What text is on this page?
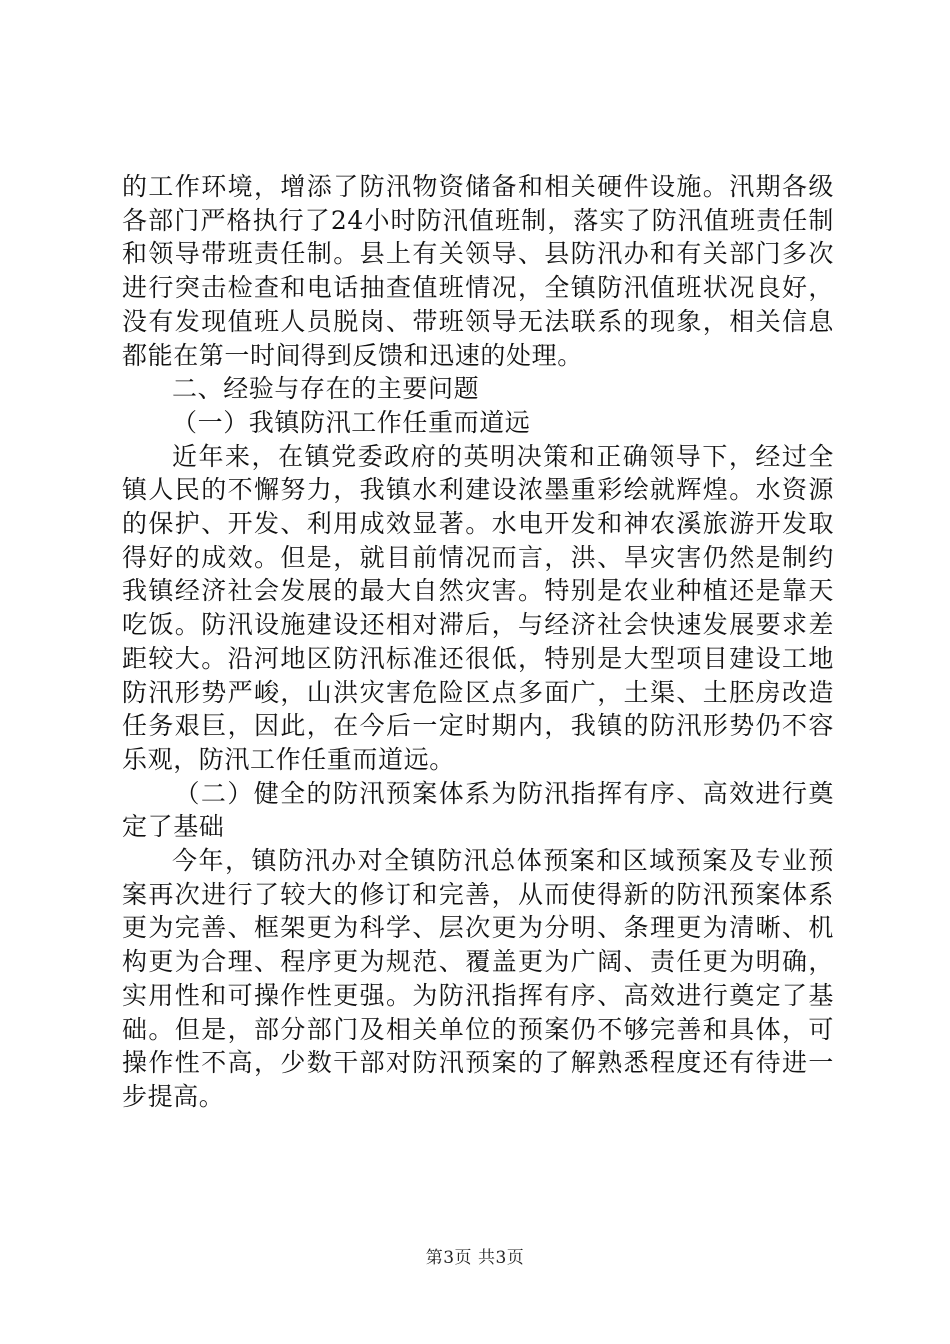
的工作环境，增添了防汛物资储备和相关硬件设施。汛期各级各部门严格执行了24小时防汛值班制，落实了防汛值班责任制和领导带班责任制。县上有关领导、县防汛办和有关部门多次进行突击检查和电话抽查值班情况，全镇防汛值班状况良好，没有发现值班人员脱岗、带班领导无法联系的现象，相关信息都能在第一时间得到反馈和迅速的处理。

二、经验与存在的主要问题

（一）我镇防汛工作任重而道远

近年来，在镇党委政府的英明决策和正确领导下，经过全镇人民的不懈努力，我镇水利建设浓墨重彩绘就辉煌。水资源的保护、开发、利用成效显著。水电开发和神农溪旅游开发取得好的成效。但是，就目前情况而言，洪、旱灾害仍然是制约我镇经济社会发展的最大自然灾害。特别是农业种植还是靠天吃饭。防汛设施建设还相对滞后，与经济社会快速发展要求差距较大。沿河地区防汛标准还很低，特别是大型项目建设工地防汛形势严峻，山洪灾害危险区点多面广，土渠、土胚房改造任务艰巨，因此，在今后一定时期内，我镇的防汛形势仍不容乐观，防汛工作任重而道远。

（二）健全的防汛预案体系为防汛指挥有序、高效进行奠定了基础

今年，镇防汛办对全镇防汛总体预案和区域预案及专业预案再次进行了较大的修订和完善，从而使得新的防汛预案体系更为完善、框架更为科学、层次更为分明、条理更为清晰、机构更为合理、程序更为规范、覆盖更为广阔、责任更为明确，实用性和可操作性更强。为防汛指挥有序、高效进行奠定了基础。但是，部分部门及相关单位的预案仍不够完善和具体，可操作性不高，少数干部对防汛预案的了解熟悉程度还有待进一步提高。

第3页 共3页
